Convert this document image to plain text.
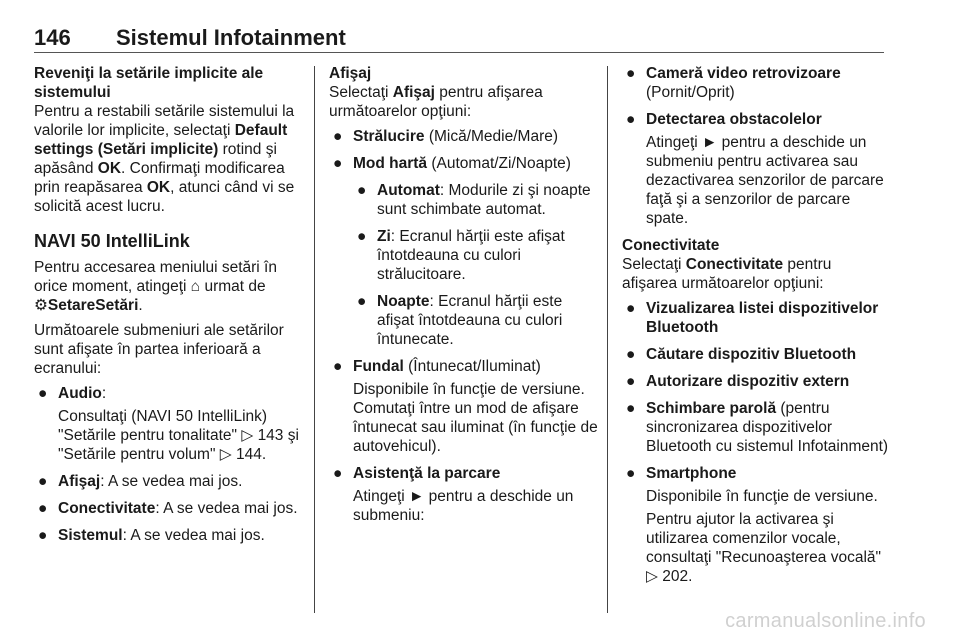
146 Sistemul Infotainment

Reveniţi la setările implicite ale sistemului

Pentru a restabili setările sistemului la valorile lor implicite, selectaţi Default settings (Setări implicite) rotind şi apăsând OK. Confirmaţi modificarea prin reapăsarea OK, atunci când vi se solicită acest lucru.

NAVI 50 IntelliLink

Pentru accesarea meniului setări în orice moment, atingeţi ⌂ urmat de ⚙SetareSetări.

Următoarele submeniuri ale setărilor sunt afişate în partea inferioară a ecranului:

● Audio:
Consultaţi (NAVI 50 IntelliLink) "Setările pentru tonalitate" ▷ 143 şi "Setările pentru volum" ▷ 144.
● Afişaj: A se vedea mai jos.
● Conectivitate: A se vedea mai jos.
● Sistemul: A se vedea mai jos.

Afişaj

Selectaţi Afişaj pentru afişarea următoarelor opţiuni:

● Strălucire (Mică/Medie/Mare)
● Mod hartă (Automat/Zi/Noapte)
● Automat: Modurile zi şi noapte sunt schimbate automat.
● Zi: Ecranul hărţii este afişat întotdeauna cu culori strălucitoare.
● Noapte: Ecranul hărţii este afişat întotdeauna cu culori întunecate.
● Fundal (Întunecat/Iluminat)
Disponibile în funcţie de versiune. Comutaţi între un mod de afişare întunecat sau iluminat (în funcţie de autovehicul).
● Asistenţă la parcare
Atingeţi ► pentru a deschide un submeniu:
● Cameră video retrovizoare
(Pornit/Oprit)
● Detectarea obstacolelor
Atingeţi ► pentru a deschide un submeniu pentru activarea sau dezactivarea senzorilor de parcare faţă şi a senzorilor de parcare spate.

Conectivitate

Selectaţi Conectivitate pentru afişarea următoarelor opţiuni:

● Vizualizarea listei dispozitivelor Bluetooth
● Căutare dispozitiv Bluetooth
● Autorizare dispozitiv extern
● Schimbare parolă (pentru sincronizarea dispozitivelor Bluetooth cu sistemul Infotainment)
● Smartphone
Disponibile în funcţie de versiune.
Pentru ajutor la activarea şi utilizarea comenzilor vocale, consultaţi "Recunoaşterea vocală" ▷ 202.
carmanualsonline.info
